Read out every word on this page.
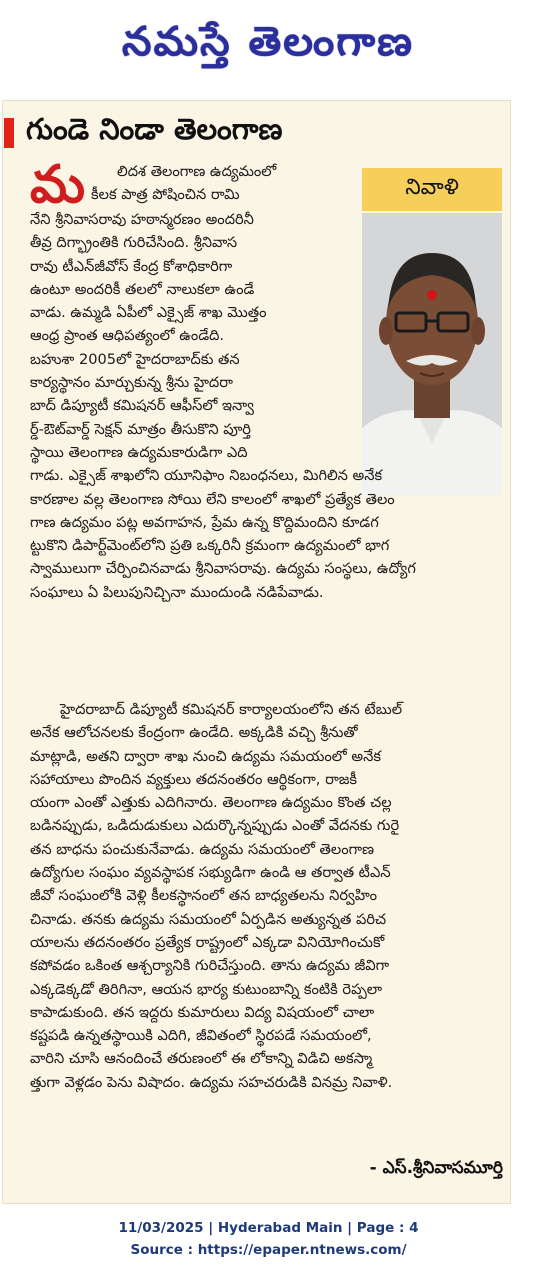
నమస్తే తెలంగాణ
గుండె నిండా తెలంగాణ
నివాళి
మ	లిదశ తెలంగాణ ఉద్యమంలో
కీలక పాత్ర పోషించిన రామి
నేని శ్రీనివాసరావు హఠాన్మరణం అందరినీ
తీవ్ర దిగ్భ్రాంతికి గురిచేసింది. శ్రీనివాస
రావు టీఎన్‌జీవోస్ కేంద్ర కోశాధికారిగా
ఉంటూ అందరికీ తలలో నాలుకలా ఉండే
వాడు. ఉమ్మడి ఏపీలో ఎక్సైజ్ శాఖ మొత్తం
ఆంధ్ర ప్రాంత ఆధిపత్యంలో ఉండేది.
బహుశా 2005లో హైదరాబాద్‌కు తన
కార్యస్థానం మార్చుకున్న శ్రీను హైదరా
బాద్ డిప్యూటీ కమిషనర్ ఆఫీస్‌లో ఇన్వా
ర్డ్-ఔట్‌వార్డ్ సెక్షన్ మాత్రం తీసుకొని పూర్తి
స్థాయి తెలంగాణ ఉద్యమకారుడిగా ఎది
గాడు. ఎక్సైజ్ శాఖలోని యూనిఫాం నిబంధనలు, మిగిలిన అనేక
కారణాల వల్ల తెలంగాణ సోయి లేని కాలంలో శాఖలో ప్రత్యేక తెలం
గాణ ఉద్యమం పట్ల అవగాహన, ప్రేమ ఉన్న కొద్దిమందిని కూడగ
ట్టుకొని డిపార్ట్‌మెంట్‌లోని ప్రతి ఒక్కరినీ క్రమంగా ఉద్యమంలో భాగ
స్వాములుగా చేర్పించినవాడు శ్రీనివాసరావు. ఉద్యమ సంస్థలు, ఉద్యోగ
సంఘాలు ఏ పిలుపునిచ్చినా ముందుండి నడిపేవాడు.
హైదరాబాద్ డిప్యూటీ కమిషనర్ కార్యాలయంలోని తన టేబుల్
అనేక ఆలోచనలకు కేంద్రంగా ఉండేది. అక్కడికి వచ్చి శ్రీనుతో
మాట్లాడి, అతని ద్వారా శాఖ నుంచి ఉద్యమ సమయంలో అనేక
సహాయాలు పొందిన వ్యక్తులు తదనంతరం ఆర్థికంగా, రాజకీ
యంగా ఎంతో ఎత్తుకు ఎదిగినారు. తెలంగాణ ఉద్యమం కొంత చల్ల
బడినప్పుడు, ఒడిదుడుకులు ఎదుర్కొన్నప్పుడు ఎంతో వేదనకు గురై
తన బాధను పంచుకునేవాడు. ఉద్యమ సమయంలో తెలంగాణ
ఉద్యోగుల సంఘం వ్యవస్థాపక సభ్యుడిగా ఉండి ఆ తర్వాత టీఎన్
జీవో సంఘంలోకి వెళ్లి కీలకస్థానంలో తన బాధ్యతలను నిర్వహిం
చినాడు. తనకు ఉద్యమ సమయంలో ఏర్పడిన అత్యున్నత పరిచ
యాలను తదనంతరం ప్రత్యేక రాష్ట్రంలో ఎక్కడా వినియోగించుకో
కపోవడం ఒకింత ఆశ్చర్యానికి గురిచేస్తుంది. తాను ఉద్యమ జీవిగా
ఎక్కడెక్కడో తిరిగినా, ఆయన భార్య కుటుంబాన్ని కంటికి రెప్పలా
కాపాడుకుంది. తన ఇద్దరు కుమారులు విద్య విషయంలో చాలా
కష్టపడి ఉన్నతస్థాయికి ఎదిగి, జీవితంలో స్థిరపడే సమయంలో,
వారిని చూసి ఆనందించే తరుణంలో ఈ లోకాన్ని విడిచి అకస్మా
త్తుగా వెళ్లడం పెను విషాదం. ఉద్యమ సహచరుడికి వినమ్ర నివాళి.
- ఎస్.శ్రీనివాసమూర్తి
11/03/2025 | Hyderabad Main | Page : 4
Source : https://epaper.ntnews.com/
